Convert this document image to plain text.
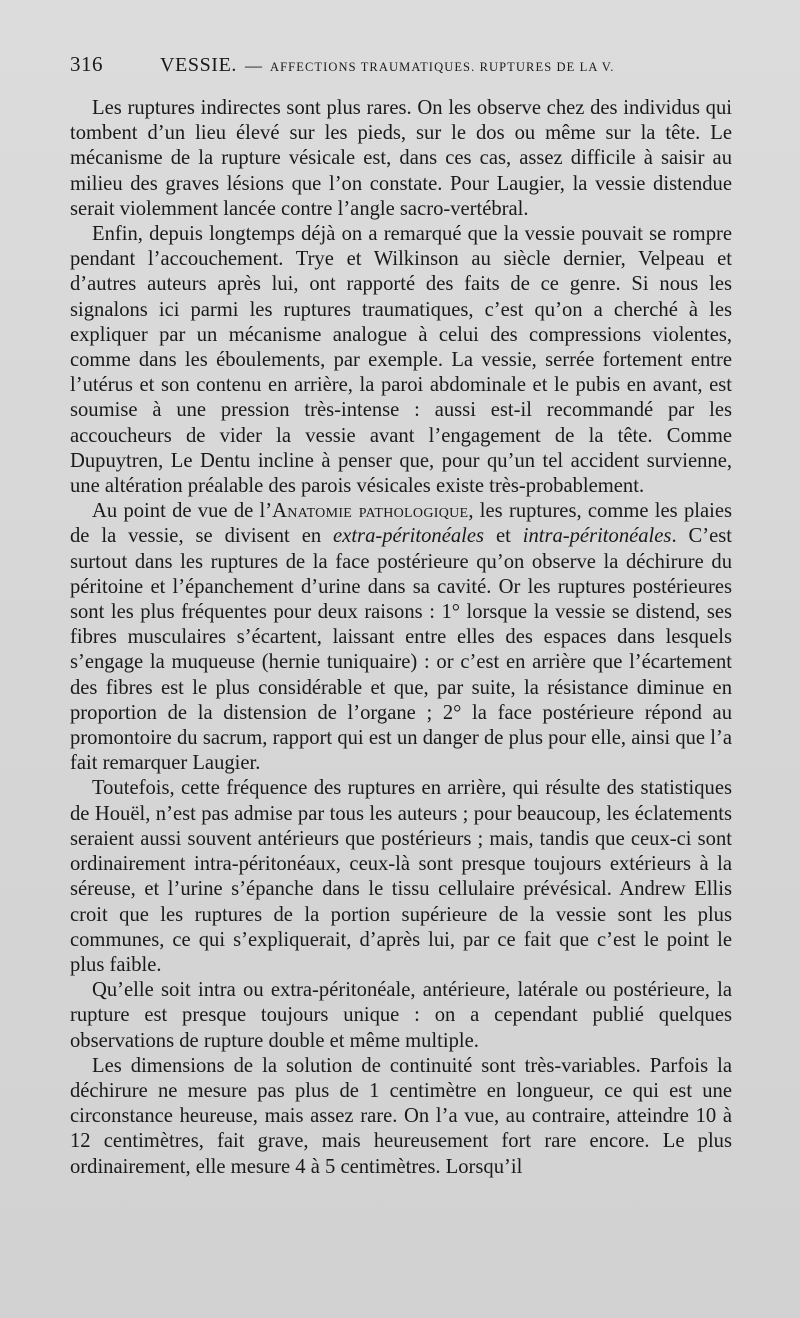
316	VESSIE. — AFFECTIONS TRAUMATIQUES. RUPTURES DE LA V.

Les ruptures indirectes sont plus rares. On les observe chez des individus qui tombent d’un lieu élevé sur les pieds, sur le dos ou même sur la tête. Le mécanisme de la rupture vésicale est, dans ces cas, assez difficile à saisir au milieu des graves lésions que l’on constate. Pour Laugier, la vessie distendue serait violemment lancée contre l’angle sacro-vertébral.

Enfin, depuis longtemps déjà on a remarqué que la vessie pouvait se rompre pendant l’accouchement. Trye et Wilkinson au siècle dernier, Velpeau et d’autres auteurs après lui, ont rapporté des faits de ce genre. Si nous les signalons ici parmi les ruptures traumatiques, c’est qu’on a cherché à les expliquer par un mécanisme analogue à celui des compressions violentes, comme dans les éboulements, par exemple. La vessie, serrée fortement entre l’utérus et son contenu en arrière, la paroi abdominale et le pubis en avant, est soumise à une pression très-intense : aussi est-il recommandé par les accoucheurs de vider la vessie avant l’engagement de la tête. Comme Dupuytren, Le Dentu incline à penser que, pour qu’un tel accident survienne, une altération préalable des parois vésicales existe très-probablement.

Au point de vue de l’Anatomie pathologique, les ruptures, comme les plaies de la vessie, se divisent en extra-péritonéales et intra-péritonéales. C’est surtout dans les ruptures de la face postérieure qu’on observe la déchirure du péritoine et l’épanchement d’urine dans sa cavité. Or les ruptures postérieures sont les plus fréquentes pour deux raisons : 1° lorsque la vessie se distend, ses fibres musculaires s’écartent, laissant entre elles des espaces dans lesquels s’engage la muqueuse (hernie tuniquaire) : or c’est en arrière que l’écartement des fibres est le plus considérable et que, par suite, la résistance diminue en proportion de la distension de l’organe ; 2° la face postérieure répond au promontoire du sacrum, rapport qui est un danger de plus pour elle, ainsi que l’a fait remarquer Laugier.

Toutefois, cette fréquence des ruptures en arrière, qui résulte des statistiques de Houël, n’est pas admise par tous les auteurs ; pour beaucoup, les éclatements seraient aussi souvent antérieurs que postérieurs ; mais, tandis que ceux-ci sont ordinairement intra-péritonéaux, ceux-là sont presque toujours extérieurs à la séreuse, et l’urine s’épanche dans le tissu cellulaire prévésical. Andrew Ellis croit que les ruptures de la portion supérieure de la vessie sont les plus communes, ce qui s’expliquerait, d’après lui, par ce fait que c’est le point le plus faible.

Qu’elle soit intra ou extra-péritonéale, antérieure, latérale ou postérieure, la rupture est presque toujours unique : on a cependant publié quelques observations de rupture double et même multiple.

Les dimensions de la solution de continuité sont très-variables. Parfois la déchirure ne mesure pas plus de 1 centimètre en longueur, ce qui est une circonstance heureuse, mais assez rare. On l’a vue, au contraire, atteindre 10 à 12 centimètres, fait grave, mais heureusement fort rare encore. Le plus ordinairement, elle mesure 4 à 5 centimètres. Lorsqu’il
